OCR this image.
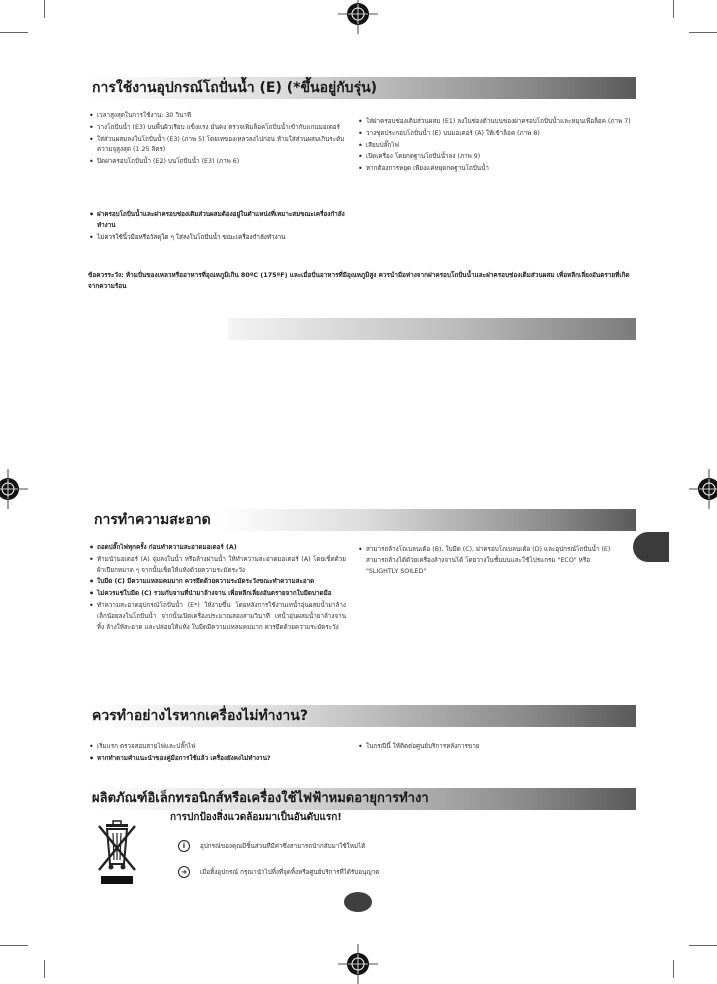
การใช้งานอุปกรณ์โถปั่นน้ำ (E) (*ขึ้นอยู่กับรุ่น)
• เวลาสูงสุดในการใช้งาน: 30 วินาที
• วางโถปั่นน้ำ (E3) บนพื้นผิวเรียบ แข็งแรง มั่นคง ตรวจเพิ่มล็อคโถปั่นน้ำเข้ากับแกนมอเตอร์
• ใส่ส่วนผสมลงในโถปั่นน้ำ (E3) (ภาพ 5) โดยเทของเหลวลงไปก่อน ห้ามใส่ส่วนผสมเกินระดับความจุสูงสุด (1.25 ลิตร)
• ปิดฝาครอบโถปั่นน้ำ (E2) บนโถปั่นน้ำ (E3) (ภาพ 6)
• ใส่ฝาครอบช่องเติมส่วนผสม (E1) ลงในช่องด้านบนของฝาครอบโถปั่นน้ำและหมุนเพื่อล็อค (ภาพ 7)
• วางชุดประกอบโถปั่นน้ำ (E) บนมอเตอร์ (A) ให้เข้าล็อค (ภาพ 8)
• เสียบปลั๊กไฟ
• เปิดเครื่อง โดยกดฐานโถปั่นน้ำลง (ภาพ 9)
• หากต้องการหยุด เพียงแค่หยุดกดฐานโถปั่นน้ำ
• ฝาครอบโถปั่นน้ำและฝาครอบช่องเติมส่วนผสมต้องอยู่ในตำแหน่งที่เหมาะสมขณะเครื่องกำลังทำงาน
• ไม่ควรใช้นิ้วมือหรือวัสดุใด ๆ ใส่ลงในโถปั่นน้ำ ขณะเครื่องกำลังทำงาน
ข้อควรระวัง: ห้ามปั่นของเหลวหรืออาหารที่อุณหภูมิเกิน 80ºC (175ºF) และเมื่อปั่นอาหารที่มีอุณหภูมิสูง ควรนำมือห่างจากฝาครอบโถปั่นน้ำและฝาครอบช่องเติมส่วนผสม เพื่อหลีกเลี่ยงอันตรายที่เกิดจากความร้อน
การทำความสะอาด
• ถอดปลั๊กไฟทุกครั้ง ก่อนทำความสะอาดมอเตอร์ (A)
• ห้ามนำมอเตอร์ (A) จุ่มลงในน้ำ หรือล้างผ่านน้ำ ให้ทำความสะอาดมอเตอร์ (A) โดยเช็ดด้วยผ้าเปียกหมาด ๆ จากนั้นเช็ดให้แห้งด้วยความระมัดระวัง
• ใบมีด (C) มีความแหลมคมมาก ควรยึดด้วยความระมัดระวังขณะทำความสะอาด
• ไม่ควรแช่ใบมีด (C) รวมกับจานที่นำมาล้างจาน เพื่อหลีกเลี่ยงอันตรายจากใบมีดบาดมือ
• ทำความสะอาดอุปกรณ์โถปั่นน้ำ (E*) ให้ง่ายขึ้น โดยหลังการใช้งานเทน้ำอุ่นผสมน้ำยาล้างเล็กน้อยลงในโถปั่นน้ำ จากนั้นเปิดเครื่องประมาณสองสามวินาที เทน้ำอุ่นผสมน้ำยาล้างจานทิ้ง ล้างให้สะอาด และปล่อยให้แห้ง ใบมีดมีความแหลมคมมาก ควรยึดด้วยความระมัดระวัง
• สามารถล้างโถเบลนเด้อ (B), ใบมีด (C), ฝาครอบโถเบลนเด้อ (D) และอุปกรณ์โถปั่นน้ำ (E) สามารถล้างได้ด้วยเครื่องล้างจานได้ โดยวางในชั้นบนและใช้โปรแกรม "ECO" หรือ "SLIGHTLY SOILED"
ควรทำอย่างไรหากเครื่องไม่ทำงาน?
• เริ่มแรก ตรวจสอบสายไฟและปลั๊กไฟ
• หากทำตามคำแนะนำของคู่มือการใช้แล้ว เครื่องยังคงไม่ทำงาน?
• ในกรณีนี้ ให้ติดต่อศูนย์บริการหลังการขาย
ผลิตภัณฑ์อิเล็กทรอนิกส์หรือเครื่องใช้ไฟฟ้าหมดอายุการทำงา
การปกป้องสิ่งแวดล้อมมาเป็นอันดับแรก!
i	อุปกรณ์ของคุณมีชิ้นส่วนที่มีค่าซึ่งสามารถนำกลับมาใช้ใหม่ได้
➜	เมื่อทิ้งอุปกรณ์ กรุณานำไปทิ้งที่จุดทิ้งหรือศูนย์บริการที่ได้รับอนุญาต
